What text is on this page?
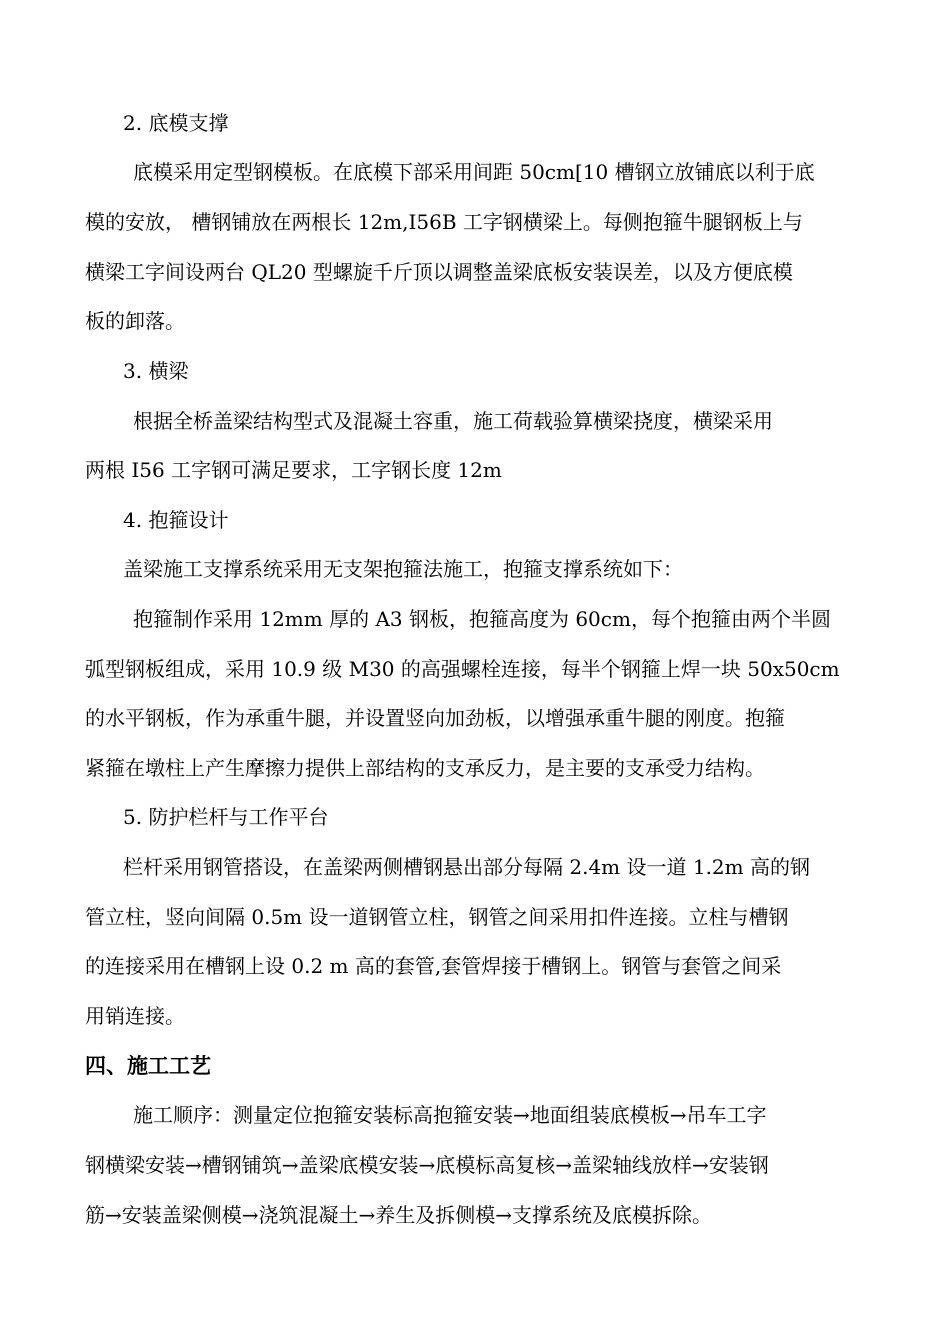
2. 底模支撑
底模采用定型钢模板。在底模下部采用间距 50cm[10 槽钢立放铺底以利于底
模的安放， 槽钢铺放在两根长 12m,I56B 工字钢横梁上。每侧抱箍牛腿钢板上与
横梁工字间设两台 QL20 型螺旋千斤顶以调整盖梁底板安装误差，以及方便底模
板的卸落。
3. 横梁
根据全桥盖梁结构型式及混凝土容重，施工荷载验算横梁挠度，横梁采用
两根 I56 工字钢可满足要求，工字钢长度 12m
4. 抱箍设计
盖梁施工支撑系统采用无支架抱箍法施工，抱箍支撑系统如下：
抱箍制作采用 12mm 厚的 A3 钢板，抱箍高度为 60cm，每个抱箍由两个半圆
弧型钢板组成，采用 10.9 级 M30 的高强螺栓连接，每半个钢箍上焊一块 50x50cm
的水平钢板，作为承重牛腿，并设置竖向加劲板，以增强承重牛腿的刚度。抱箍
紧箍在墩柱上产生摩擦力提供上部结构的支承反力，是主要的支承受力结构。
5. 防护栏杆与工作平台
栏杆采用钢管搭设，在盖梁两侧槽钢悬出部分每隔 2.4m 设一道 1.2m 高的钢
管立柱，竖向间隔 0.5m 设一道钢管立柱，钢管之间采用扣件连接。立柱与槽钢
的连接采用在槽钢上设 0.2 m 高的套管,套管焊接于槽钢上。钢管与套管之间采
用销连接。
四、施工工艺
施工顺序：测量定位抱箍安装标高抱箍安装→地面组装底模板→吊车工字
钢横梁安装→槽钢铺筑→盖梁底模安装→底模标高复核→盖梁轴线放样→安装钢
筋→安装盖梁侧模→浇筑混凝土→养生及拆侧模→支撑系统及底模拆除。
